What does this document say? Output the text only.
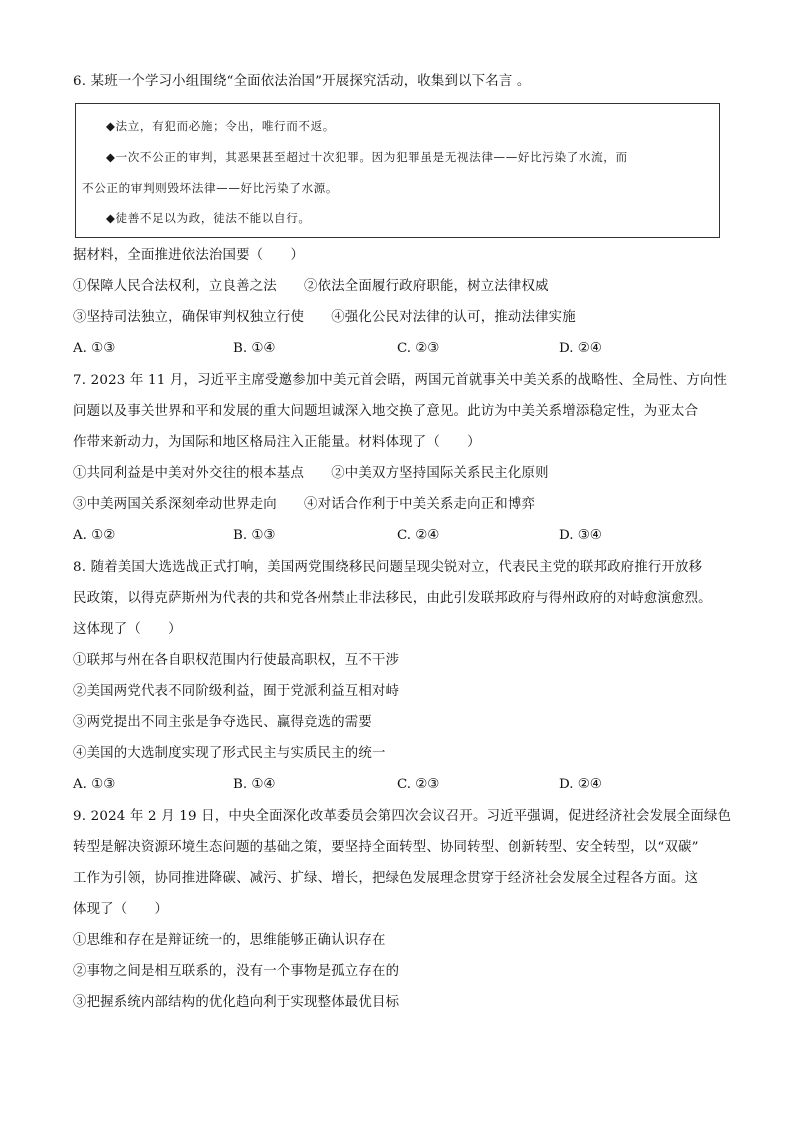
6. 某班一个学习小组围绕“全面依法治国”开展探究活动，收集到以下名言 。
◆法立，有犯而必施；令出，唯行而不返。
◆一次不公正的审判，其恶果甚至超过十次犯罪。因为犯罪虽是无视法律——好比污染了水流，而
不公正的审判则毁坏法律——好比污染了水源。
◆徒善不足以为政，徒法不能以自行。
据材料，全面推进依法治国要（　　）
①保障人民合法权利，立良善之法　　②依法全面履行政府职能，树立法律权威
③坚持司法独立，确保审判权独立行使　　④强化公民对法律的认可，推动法律实施
A. ①③	B. ①④	C. ②③	D. ②④
7. 2023 年 11 月，习近平主席受邀参加中美元首会晤，两国元首就事关中美关系的战略性、全局性、方向性
问题以及事关世界和平和发展的重大问题坦诚深入地交换了意见。此访为中美关系增添稳定性，为亚太合
作带来新动力，为国际和地区格局注入正能量。材料体现了（　　）
①共同利益是中美对外交往的根本基点　　②中美双方坚持国际关系民主化原则
③中美两国关系深刻牵动世界走向　　④对话合作利于中美关系走向正和博弈
A. ①②	B. ①③	C. ②④	D. ③④
8. 随着美国大选选战正式打响，美国两党围绕移民问题呈现尖锐对立，代表民主党的联邦政府推行开放移
民政策，以得克萨斯州为代表的共和党各州禁止非法移民，由此引发联邦政府与得州政府的对峙愈演愈烈。
这体现了（　　）
①联邦与州在各自职权范围内行使最高职权，互不干涉
②美国两党代表不同阶级利益，囿于党派利益互相对峙
③两党提出不同主张是争夺选民、赢得竞选的需要
④美国的大选制度实现了形式民主与实质民主的统一
A. ①③	B. ①④	C. ②③	D. ②④
9. 2024 年 2 月 19 日，中央全面深化改革委员会第四次会议召开。习近平强调，促进经济社会发展全面绿色
转型是解决资源环境生态问题的基础之策，要坚持全面转型、协同转型、创新转型、安全转型，以“双碳”
工作为引领，协同推进降碳、减污、扩绿、增长，把绿色发展理念贯穿于经济社会发展全过程各方面。这
体现了（　　）
①思维和存在是辩证统一的，思维能够正确认识存在
②事物之间是相互联系的，没有一个事物是孤立存在的
③把握系统内部结构的优化趋向利于实现整体最优目标
